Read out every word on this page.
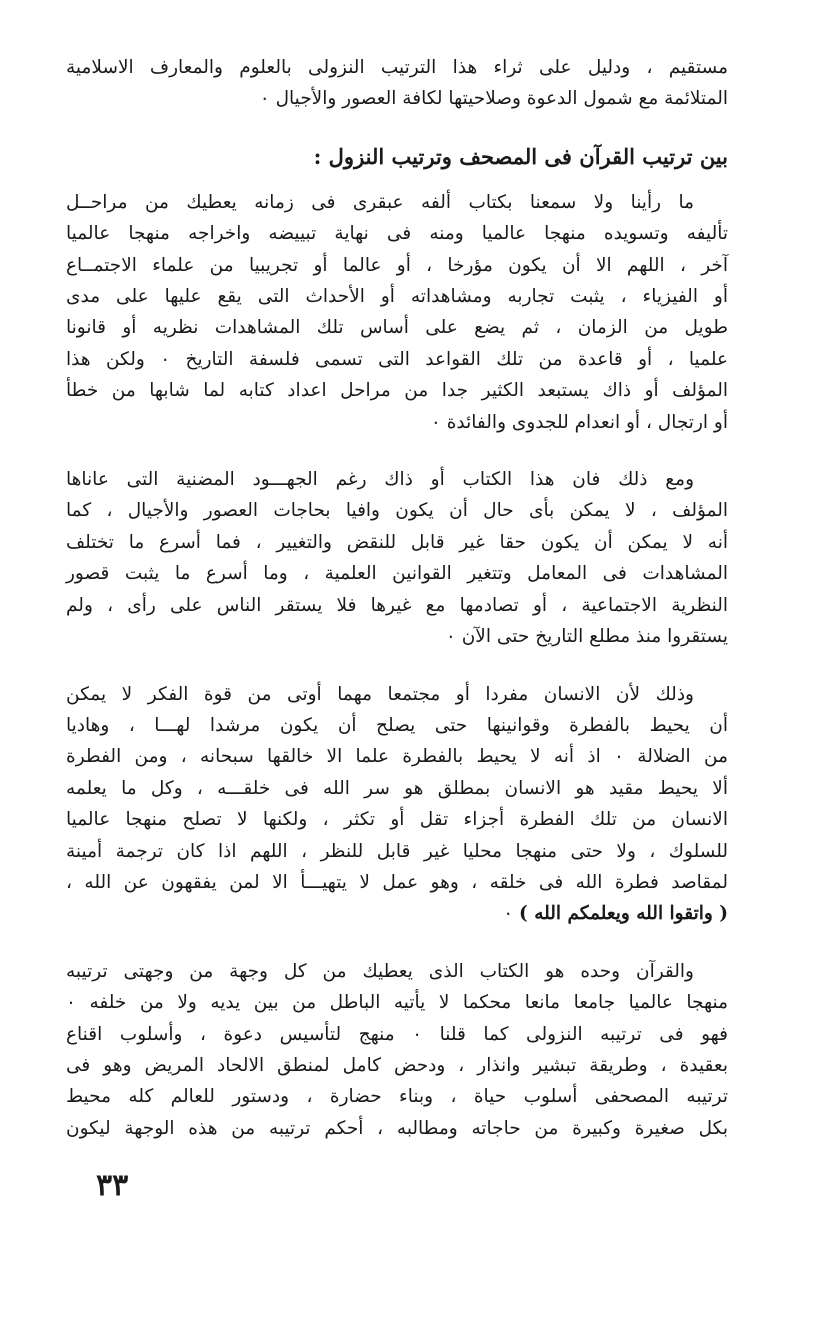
مستقيم ، ودليل على ثراء هذا الترتيب النزولى بالعلوم والمعارف الاسلامية
المتلائمة مع شمول الدعوة وصلاحيتها لكافة العصور والأجيال ٠

بين ترتيب القرآن فى المصحف وترتيب النزول :

ما رأينا ولا سمعنا بكتاب ألفه عبقرى فى زمانه يعطيك من مراحــل
تأليفه وتسويده منهجا عالميا ومنه فى نهاية تبييضه واخراجه منهجا عالميا
آخر ، اللهم الا أن يكون مؤرخا ، أو عالما أو تجريبيا من علماء الاجتمــاع
أو الفيزياء ، يثبت تجاربه ومشاهداته أو الأحداث التى يقع عليها على مدى
طويل من الزمان ، ثم يضع على أساس تلك المشاهدات نظريه أو قانونا
علميا ، أو قاعدة من تلك القواعد التى تسمى فلسفة التاريخ ٠ ولكن هذا
المؤلف أو ذاك يستبعد الكثير جدا من مراحل اعداد كتابه لما شابها من خطأ
أو ارتجال ، أو انعدام للجدوى والفائدة ٠

ومع ذلك فان هذا الكتاب أو ذاك رغم الجهـــود المضنية التى عاناها
المؤلف ، لا يمكن بأى حال أن يكون وافيا بحاجات العصور والأجيال ، كما
أنه لا يمكن أن يكون حقا غير قابل للنقض والتغيير ، فما أسرع ما تختلف
المشاهدات فى المعامل وتتغير القوانين العلمية ، وما أسرع ما يثبت قصور
النظرية الاجتماعية ، أو تصادمها مع غيرها فلا يستقر الناس على رأى ، ولم
يستقروا منذ مطلع التاريخ حتى الآن ٠

وذلك لأن الانسان مفردا أو مجتمعا مهما أوتى من قوة الفكر لا يمكن
أن يحيط بالفطرة وقوانينها حتى يصلح أن يكون مرشدا لهـــا ، وهاديا
من الضلالة ٠ اذ أنه لا يحيط بالفطرة علما الا خالقها سبحانه ، ومن الفطرة
ألا يحيط مقيد هو الانسان بمطلق هو سر الله فى خلقـــه ، وكل ما يعلمه
الانسان من تلك الفطرة أجزاء تقل أو تكثر ، ولكنها لا تصلح منهجا عالميا
للسلوك ، ولا حتى منهجا محليا غير قابل للنظر ، اللهم اذا كان ترجمة أمينة
لمقاصد فطرة الله فى خلقه ، وهو عمل لا يتهيـــأ الا لمن يفقهون عن الله ،
( واتقوا الله ويعلمكم الله ) ٠

والقرآن وحده هو الكتاب الذى يعطيك من كل وجهة من وجهتى ترتيبه
منهجا عالميا جامعا مانعا محكما لا يأتيه الباطل من بين يديه ولا من خلفه ٠
فهو فى ترتيبه النزولى كما قلنا ٠ منهج لتأسيس دعوة ، وأسلوب اقناع
بعقيدة ، وطريقة تبشير وانذار ، ودحض كامل لمنطق الالحاد المريض وهو فى
ترتيبه المصحفى أسلوب حياة ، وبناء حضارة ، ودستور للعالم كله محيط
بكل صغيرة وكبيرة من حاجاته ومطالبه ، أحكم ترتيبه من هذه الوجهة ليكون

٣٣
